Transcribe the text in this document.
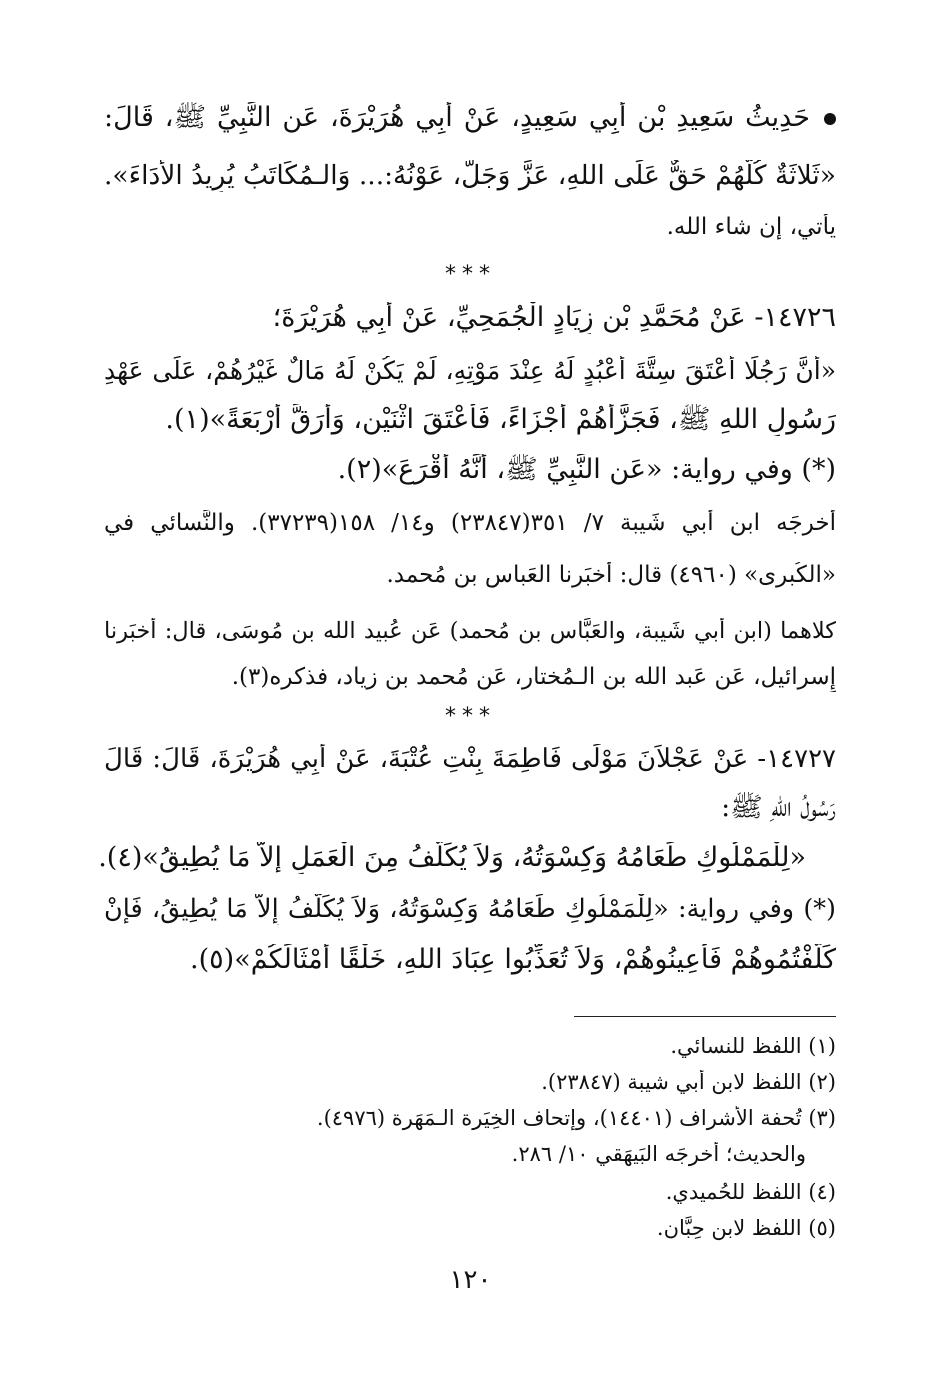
حَدِيثُ سَعِيدِ بْنِ أَبِي سَعِيدٍ، عَنْ أَبِي هُرَيْرَةَ، عَنِ النَّبِيِّ ﷺ، قَالَ:
«ثَلاثَةٌ كُلُّهُمْ حَقٌّ عَلَى اللهِ، عَزَّ وَجَلَّ، عَوْنُهُ:... وَالـمُكَاتَبُ يُرِيدُ الأَدَاءَ».
يأتي، إن شاء الله.
***
١٤٧٢٦- عَنْ مُحَمَّدِ بْنِ زِيَادٍ الْجُمَحِيِّ، عَنْ أَبِي هُرَيْرَةَ؛
«أَنَّ رَجُلًا أَعْتَقَ سِتَّةَ أَعْبُدٍ لَهُ عِنْدَ مَوْتِهِ، لَمْ يَكُنْ لَهُ مَالٌ غَيْرُهُمْ، عَلَى عَهْدِ
رَسُولِ اللهِ ﷺ، فَجَزَّأَهُمْ أَجْزَاءً، فَأَعْتَقَ اثْنَيْنِ، وَأَرَقَّ أَرْبَعَةً»(١).
(*) وفي رواية: «عَنِ النَّبِيِّ ﷺ، أَنَّهُ أَقْرَعَ»(٢).
أخرجَه ابن أَبي شَيبة ٧/ ٣٥١(٢٣٨٤٧) و١٤/ ١٥٨(٣٧٢٣٩). والنَّسائي في
«الكُبرى» (٤٩٦٠) قال: أَخبَرنا العَباس بن مُحمد.
كلاهما (ابن أَبي شَيبة، والعَبَّاس بن مُحمد) عَن عُبيد الله بن مُوسَى، قال: أَخبَرنا
إِسرائيل، عَن عَبد الله بن الـمُختار، عَن مُحمد بن زياد، فذكره(٣).
***
١٤٧٢٧- عَنْ عَجْلاَنَ مَوْلَى فَاطِمَةَ بِنْتِ عُتْبَةَ، عَنْ أَبِي هُرَيْرَةَ، قَالَ: قَالَ
رَسُولُ اللهِ ﷺ:
«لِلْمَمْلُوكِ طَعَامُهُ وَكِسْوَتُهُ، وَلاَ يُكَلَّفُ مِنَ الْعَمَلِ إِلاَّ مَا يُطِيقُ»(٤).
(*) وفي رواية: «لِلْمَمْلُوكِ طَعَامُهُ وَكِسْوَتُهُ، وَلاَ يُكَلَّفُ إِلاَّ مَا يُطِيقُ، فَإِنْ
كَلَّفْتُمُوهُمْ فَأَعِينُوهُمْ، وَلاَ تُعَذِّبُوا عِبَادَ اللهِ، خَلْقًا أَمْثَالَكُمْ»(٥).
(١) اللفظ للنسائي.
(٢) اللفظ لابن أَبي شيبة (٢٣٨٤٧).
(٣) تُحفة الأَشراف (١٤٤٠١)، وإِتحاف الخِيَرة الـمَهَرة (٤٩٧٦).
والحديث؛ أخرجَه البَيهَقي ١٠/ ٢٨٦.
(٤) اللفظ للحُميدي.
(٥) اللفظ لابن حِبَّان.
١٢٠
